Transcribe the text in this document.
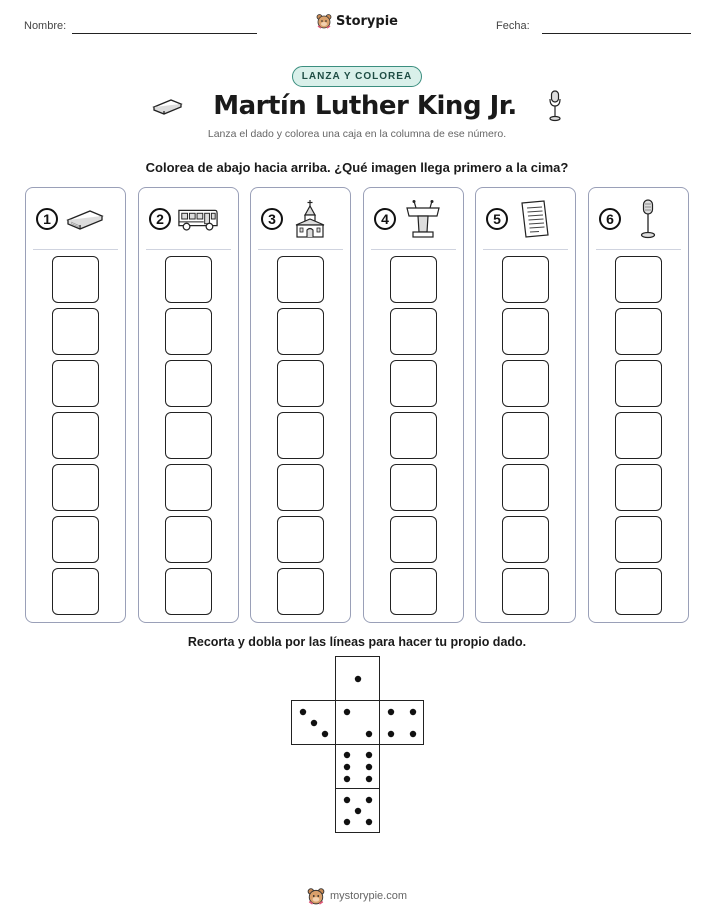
Nombre:	Fecha:
Storypie
LANZA Y COLOREA
Martín Luther King Jr.
Lanza el dado y colorea una caja en la columna de ese número.
Colorea de abajo hacia arriba. ¿Qué imagen llega primero a la cima?
1	2	3	4	5	6
Recorta y dobla por las líneas para hacer tu propio dado.
mystorypie.com
